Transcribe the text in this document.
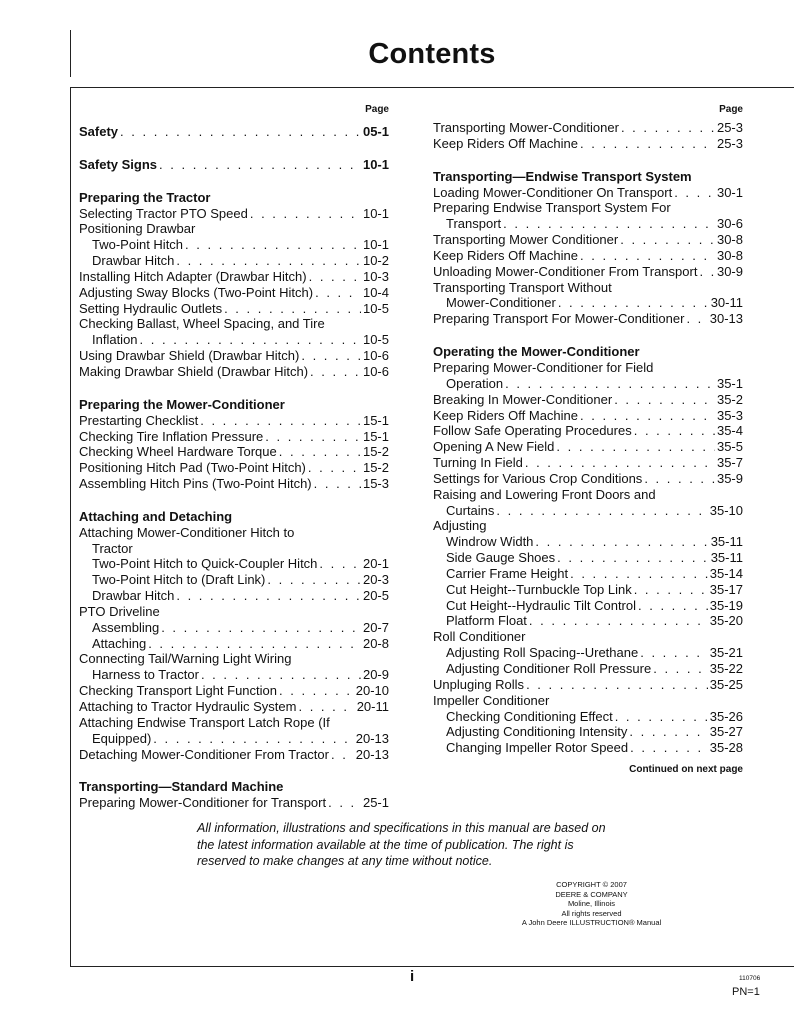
Contents
Page
Safety . . .	05-1
Safety Signs . . .	10-1
Preparing the Tractor
Selecting Tractor PTO Speed . . .	10-1
Positioning Drawbar
Two-Point Hitch . . .	10-1
Drawbar Hitch . . .	10-2
Installing Hitch Adapter (Drawbar Hitch) . . .	10-3
Adjusting Sway Blocks (Two-Point Hitch) . . .	10-4
Setting Hydraulic Outlets . . .	10-5
Checking Ballast, Wheel Spacing, and Tire
Inflation . . .	10-5
Using Drawbar Shield (Drawbar Hitch) . . .	10-6
Making Drawbar Shield (Drawbar Hitch) . . .	10-6
Preparing the Mower-Conditioner
Prestarting Checklist . . .	15-1
Checking Tire Inflation Pressure . . .	15-1
Checking Wheel Hardware Torque . . .	15-2
Positioning Hitch Pad (Two-Point Hitch) . . .	15-2
Assembling Hitch Pins (Two-Point Hitch) . . .	15-3
Attaching and Detaching
Attaching Mower-Conditioner Hitch to
Tractor
Two-Point Hitch to Quick-Coupler Hitch . . .	20-1
Two-Point Hitch to (Draft Link) . . .	20-3
Drawbar Hitch . . .	20-5
PTO Driveline
Assembling . . .	20-7
Attaching . . .	20-8
Connecting Tail/Warning Light Wiring
Harness to Tractor . . .	20-9
Checking Transport Light Function . . .	20-10
Attaching to Tractor Hydraulic System . . .	20-11
Attaching Endwise Transport Latch Rope (If
Equipped) . . .	20-13
Detaching Mower-Conditioner From Tractor . . . 20-13
Transporting—Standard Machine
Preparing Mower-Conditioner for Transport . . .	25-1
Page
Transporting Mower-Conditioner . . .	25-3
Keep Riders Off Machine . . .	25-3
Transporting—Endwise Transport System
Loading Mower-Conditioner On Transport . . .	30-1
Preparing Endwise Transport System For
Transport . . .	30-6
Transporting Mower Conditioner . . .	30-8
Keep Riders Off Machine . . .	30-8
Unloading Mower-Conditioner From Transport . . . 30-9
Transporting Transport Without
Mower-Conditioner . . .	30-11
Preparing Transport For Mower-Conditioner . . . 30-13
Operating the Mower-Conditioner
Preparing Mower-Conditioner for Field
Operation . . .	35-1
Breaking In Mower-Conditioner . . .	35-2
Keep Riders Off Machine . . .	35-3
Follow Safe Operating Procedures . . .	35-4
Opening A New Field . . .	35-5
Turning In Field . . .	35-7
Settings for Various Crop Conditions . . .	35-9
Raising and Lowering Front Doors and
Curtains . . .	35-10
Adjusting
Windrow Width . . .	35-11
Side Gauge Shoes . . .	35-11
Carrier Frame Height . . .	35-14
Cut Height--Turnbuckle Top Link . . .	35-17
Cut Height--Hydraulic Tilt Control . . .	35-19
Platform Float . . .	35-20
Roll Conditioner
Adjusting Roll Spacing--Urethane . . .	35-21
Adjusting Conditioner Roll Pressure . . .	35-22
Unpluging Rolls . . .	35-25
Impeller Conditioner
Checking Conditioning Effect . . .	35-26
Adjusting Conditioning Intensity . . .	35-27
Changing Impeller Rotor Speed . . .	35-28
Continued on next page
All information, illustrations and specifications in this manual are based on
the latest information available at the time of publication. The right is
reserved to make changes at any time without notice.
COPYRIGHT © 2007
DEERE & COMPANY
Moline, Illinois
All rights reserved
A John Deere ILLUSTRUCTION® Manual
i	110706
PN=1
